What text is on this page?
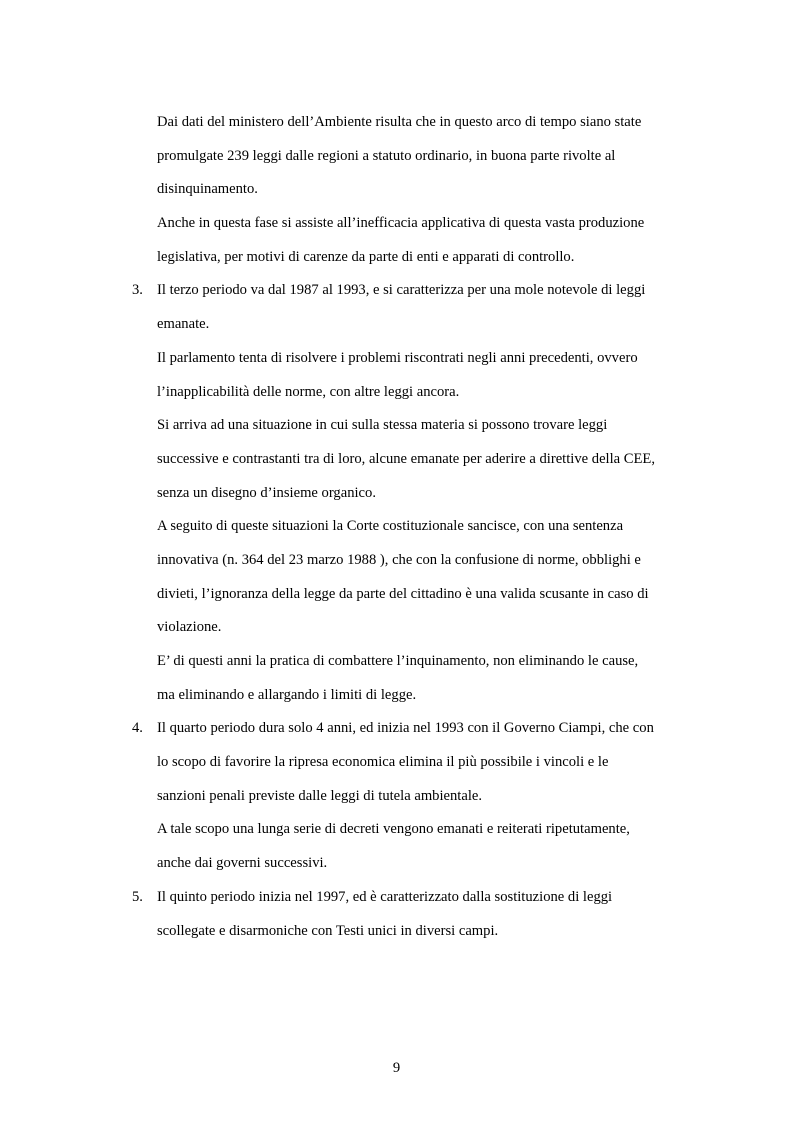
Dai dati del ministero dell’Ambiente risulta che in questo arco di tempo siano state
promulgate 239 leggi dalle regioni a statuto ordinario, in buona parte rivolte al
disinquinamento.
Anche in questa fase si assiste all’inefficacia applicativa di questa vasta produzione
legislativa, per motivi di carenze da parte di enti e apparati di controllo.
3. Il terzo periodo va dal 1987 al 1993, e si caratterizza per una mole notevole di leggi
emanate.
Il parlamento tenta di risolvere i problemi riscontrati negli anni precedenti, ovvero
l’inapplicabilità delle norme, con altre leggi ancora.
Si arriva ad una situazione in cui sulla stessa materia si possono trovare leggi
successive e contrastanti tra di loro, alcune emanate per aderire a direttive della CEE,
senza un disegno d’insieme organico.
A seguito di queste situazioni la Corte costituzionale sancisce, con una sentenza
innovativa (n. 364 del 23 marzo 1988 ), che con la confusione di norme, obblighi e
divieti, l’ignoranza della legge da parte del cittadino è una valida scusante in caso di
violazione.
E’ di questi anni la pratica di combattere l’inquinamento, non eliminando le cause,
ma eliminando e allargando i limiti di legge.
4. Il quarto periodo dura solo 4 anni, ed inizia nel 1993 con il Governo Ciampi, che con
lo scopo di favorire la ripresa economica elimina il più possibile i vincoli e le
sanzioni penali previste dalle leggi di tutela ambientale.
A tale scopo una lunga serie di decreti vengono emanati e reiterati ripetutamente,
anche dai governi successivi.
5. Il quinto periodo inizia nel 1997, ed è caratterizzato dalla sostituzione di leggi
scollegate e disarmoniche con Testi unici in diversi campi.
9
